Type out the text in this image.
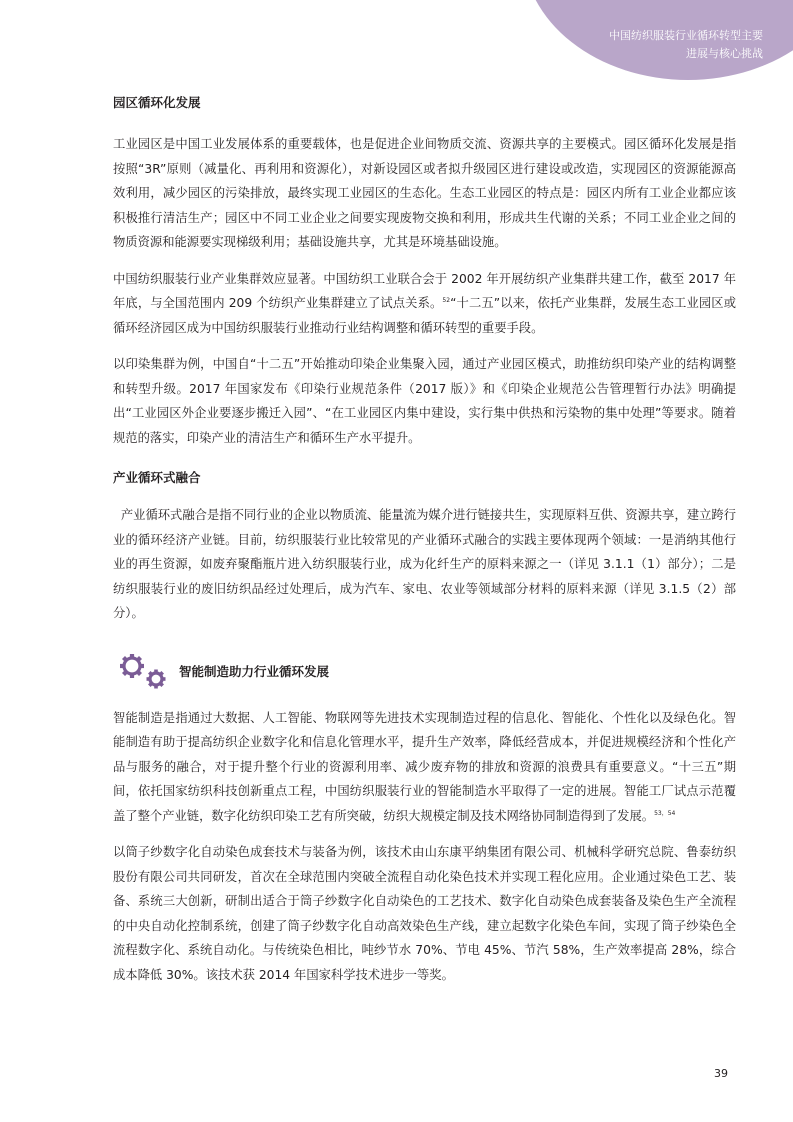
中国纺织服装行业循环转型主要
进展与核心挑战
园区循环化发展

工业园区是中国工业发展体系的重要载体，也是促进企业间物质交流、资源共享的主要模式。园区循环化发展是指按照“3R”原则（减量化、再利用和资源化），对新设园区或者拟升级园区进行建设或改造，实现园区的资源能源高效利用，减少园区的污染排放，最终实现工业园区的生态化。生态工业园区的特点是：园区内所有工业企业都应该积极推行清洁生产；园区中不同工业企业之间要实现废物交换和利用，形成共生代谢的关系；不同工业企业之间的物质资源和能源要实现梯级利用；基础设施共享，尤其是环境基础设施。

中国纺织服装行业产业集群效应显著。中国纺织工业联合会于 2002 年开展纺织产业集群共建工作，截至 2017 年年底，与全国范围内 209 个纺织产业集群建立了试点关系。$^{52}$“十二五”以来，依托产业集群，发展生态工业园区或循环经济园区成为中国纺织服装行业推动行业结构调整和循环转型的重要手段。

以印染集群为例，中国自“十二五”开始推动印染企业集聚入园，通过产业园区模式，助推纺织印染产业的结构调整和转型升级。2017 年国家发布《印染行业规范条件（2017 版）》和《印染企业规范公告管理暂行办法》明确提出“工业园区外企业要逐步搬迁入园”、“在工业园区内集中建设，实行集中供热和污染物的集中处理”等要求。随着规范的落实，印染产业的清洁生产和循环生产水平提升。

产业循环式融合

产业循环式融合是指不同行业的企业以物质流、能量流为媒介进行链接共生，实现原料互供、资源共享，建立跨行业的循环经济产业链。目前，纺织服装行业比较常见的产业循环式融合的实践主要体现两个领域：一是消纳其他行业的再生资源，如废弃聚酯瓶片进入纺织服装行业，成为化纤生产的原料来源之一（详见 3.1.1（1）部分）；二是纺织服装行业的废旧纺织品经过处理后，成为汽车、家电、农业等领域部分材料的原料来源（详见 3.1.5（2）部分）。

智能制造助力行业循环发展

智能制造是指通过大数据、人工智能、物联网等先进技术实现制造过程的信息化、智能化、个性化以及绿色化。智能制造有助于提高纺织企业数字化和信息化管理水平，提升生产效率，降低经营成本，并促进规模经济和个性化产品与服务的融合，对于提升整个行业的资源利用率、减少废弃物的排放和资源的浪费具有重要意义。“十三五”期间，依托国家纺织科技创新重点工程，中国纺织服装行业的智能制造水平取得了一定的进展。智能工厂试点示范覆盖了整个产业链，数字化纺织印染工艺有所突破，纺织大规模定制及技术网络协同制造得到了发展。$^{53,54}$

以筒子纱数字化自动染色成套技术与装备为例，该技术由山东康平纳集团有限公司、机械科学研究总院、鲁泰纺织股份有限公司共同研发，首次在全球范围内突破全流程自动化染色技术并实现工程化应用。企业通过染色工艺、装备、系统三大创新，研制出适合于筒子纱数字化自动染色的工艺技术、数字化自动染色成套装备及染色生产全流程的中央自动化控制系统，创建了筒子纱数字化自动高效染色生产线，建立起数字化染色车间，实现了筒子纱染色全流程数字化、系统自动化。与传统染色相比，吨纱节水 70%、节电 45%、节汽 58%，生产效率提高 28%，综合成本降低 30%。该技术获 2014 年国家科学技术进步一等奖。

39
